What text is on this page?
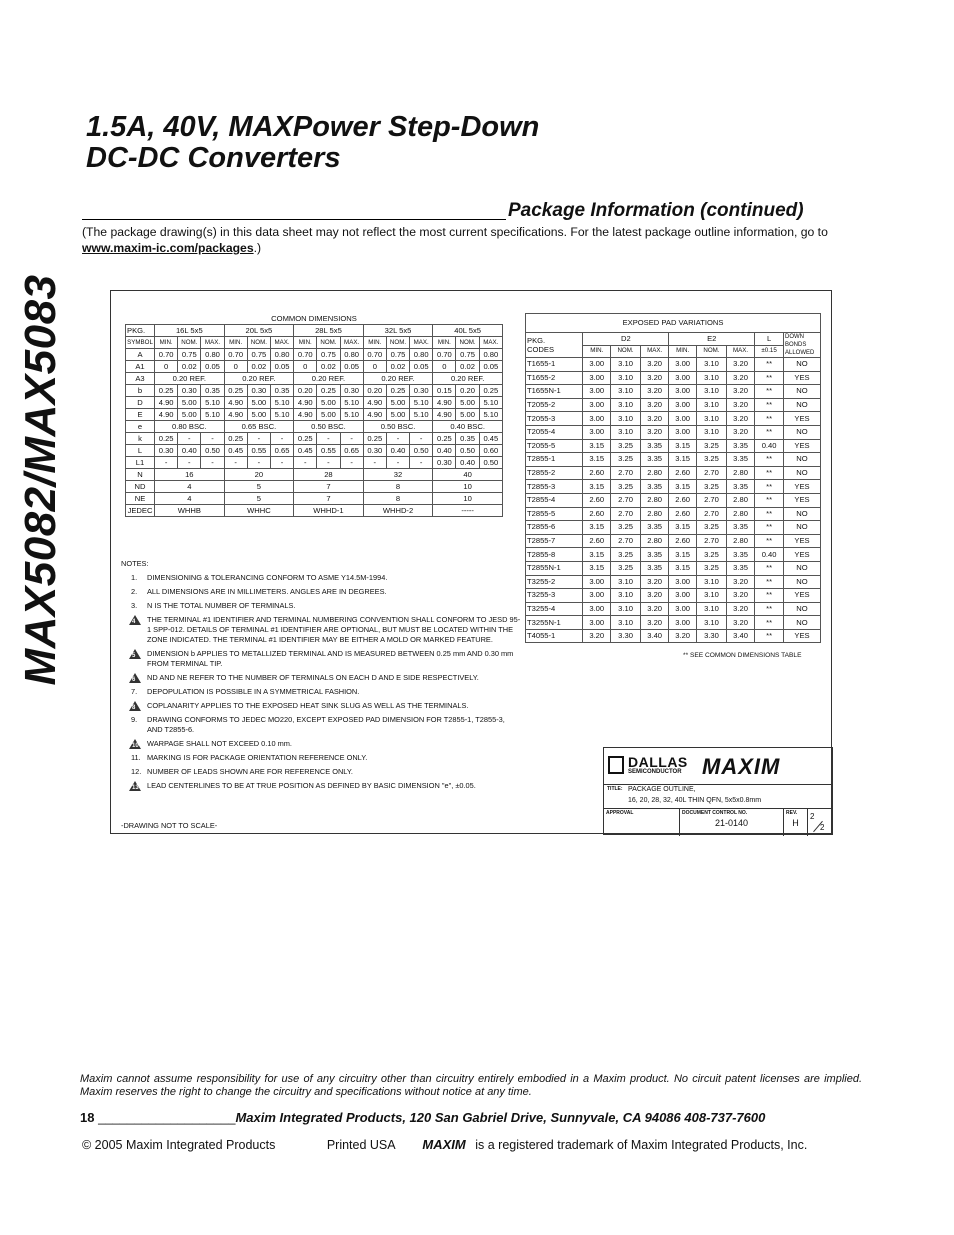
MAX5082/MAX5083
1.5A, 40V, MAXPower Step-Down
DC-DC Converters
Package Information (continued)
(The package drawing(s) in this data sheet may not reflect the most current specifications. For the latest package outline information, go to www.maxim-ic.com/packages.)
COMMON DIMENSIONS															
PKG.	16L 5x5			20L 5x5			28L 5x5			32L 5x5			40L 5x5		
SYMBOL	MIN.	NOM.	MAX.	MIN.	NOM.	MAX.	MIN.	NOM.	MAX.	MIN.	NOM.	MAX.	MIN.	NOM.	MAX.
A	0.70	0.75	0.80	0.70	0.75	0.80	0.70	0.75	0.80	0.70	0.75	0.80	0.70	0.75	0.80
A1	0	0.02	0.05	0	0.02	0.05	0	0.02	0.05	0	0.02	0.05	0	0.02	0.05
A3	0.20 REF.			0.20 REF.			0.20 REF.			0.20 REF.			0.20 REF.		
b	0.25	0.30	0.35	0.25	0.30	0.35	0.20	0.25	0.30	0.20	0.25	0.30	0.15	0.20	0.25
D	4.90	5.00	5.10	4.90	5.00	5.10	4.90	5.00	5.10	4.90	5.00	5.10	4.90	5.00	5.10
E	4.90	5.00	5.10	4.90	5.00	5.10	4.90	5.00	5.10	4.90	5.00	5.10	4.90	5.00	5.10
e	0.80 BSC.			0.65 BSC.			0.50 BSC.			0.50 BSC.			0.40 BSC.		
k	0.25	-	-	0.25	-	-	0.25	-	-	0.25	-	-	0.25	0.35	0.45
L	0.30	0.40	0.50	0.45	0.55	0.65	0.45	0.55	0.65	0.30	0.40	0.50	0.40	0.50	0.60
L1	-	-	-	-	-	-	-	-	-	-	-	-	0.30	0.40	0.50
N	16			20			28			32			40		
ND	4			5			7			8			10		
NE	4			5			7			8			10		
JEDEC	WHHB			WHHC			WHHD-1			WHHD-2			-----		
EXPOSED PAD VARIATIONS								
PKG.
CODES	D2			E2			L	DOWN BONDS ALLOWED
	MIN.	NOM.	MAX.	MIN.	NOM.	MAX.	±0.15	
T1655-1	3.00	3.10	3.20	3.00	3.10	3.20	**	NO
T1655-2	3.00	3.10	3.20	3.00	3.10	3.20	**	YES
T1655N-1	3.00	3.10	3.20	3.00	3.10	3.20	**	NO
T2055-2	3.00	3.10	3.20	3.00	3.10	3.20	**	NO
T2055-3	3.00	3.10	3.20	3.00	3.10	3.20	**	YES
T2055-4	3.00	3.10	3.20	3.00	3.10	3.20	**	NO
T2055-5	3.15	3.25	3.35	3.15	3.25	3.35	0.40	YES
T2855-1	3.15	3.25	3.35	3.15	3.25	3.35	**	NO
T2855-2	2.60	2.70	2.80	2.60	2.70	2.80	**	NO
T2855-3	3.15	3.25	3.35	3.15	3.25	3.35	**	YES
T2855-4	2.60	2.70	2.80	2.60	2.70	2.80	**	YES
T2855-5	2.60	2.70	2.80	2.60	2.70	2.80	**	NO
T2855-6	3.15	3.25	3.35	3.15	3.25	3.35	**	NO
T2855-7	2.60	2.70	2.80	2.60	2.70	2.80	**	YES
T2855-8	3.15	3.25	3.35	3.15	3.25	3.35	0.40	YES
T2855N-1	3.15	3.25	3.35	3.15	3.25	3.35	**	NO
T3255-2	3.00	3.10	3.20	3.00	3.10	3.20	**	NO
T3255-3	3.00	3.10	3.20	3.00	3.10	3.20	**	YES
T3255-4	3.00	3.10	3.20	3.00	3.10	3.20	**	NO
T3255N-1	3.00	3.10	3.20	3.00	3.10	3.20	**	NO
T4055-1	3.20	3.30	3.40	3.20	3.30	3.40	**	YES
** SEE COMMON DIMENSIONS TABLE
NOTES:
1. DIMENSIONING & TOLERANCING CONFORM TO ASME Y14.5M-1994.
2. ALL DIMENSIONS ARE IN MILLIMETERS. ANGLES ARE IN DEGREES.
3. N IS THE TOTAL NUMBER OF TERMINALS.
4 THE TERMINAL #1 IDENTIFIER AND TERMINAL NUMBERING CONVENTION SHALL CONFORM TO JESD 95-1 SPP-012. DETAILS OF TERMINAL #1 IDENTIFIER ARE OPTIONAL, BUT MUST BE LOCATED WITHIN THE ZONE INDICATED. THE TERMINAL #1 IDENTIFIER MAY BE EITHER A MOLD OR MARKED FEATURE.
5 DIMENSION b APPLIES TO METALLIZED TERMINAL AND IS MEASURED BETWEEN 0.25 mm AND 0.30 mm FROM TERMINAL TIP.
6 ND AND NE REFER TO THE NUMBER OF TERMINALS ON EACH D AND E SIDE RESPECTIVELY.
7. DEPOPULATION IS POSSIBLE IN A SYMMETRICAL FASHION.
8 COPLANARITY APPLIES TO THE EXPOSED HEAT SINK SLUG AS WELL AS THE TERMINALS.
9. DRAWING CONFORMS TO JEDEC MO220, EXCEPT EXPOSED PAD DIMENSION FOR T2855-1, T2855-3, AND T2855-6.
10 WARPAGE SHALL NOT EXCEED 0.10 mm.
11. MARKING IS FOR PACKAGE ORIENTATION REFERENCE ONLY.
12. NUMBER OF LEADS SHOWN ARE FOR REFERENCE ONLY.
13 LEAD CENTERLINES TO BE AT TRUE POSITION AS DEFINED BY BASIC DIMENSION "e", ±0.05.
-DRAWING NOT TO SCALE-
DALLAS
SEMICONDUCTOR MAXIM
TITLE: PACKAGE OUTLINE,
16, 20, 28, 32, 40L THIN QFN, 5x5x0.8mm
APPROVAL	DOCUMENT CONTROL NO.
21-0140
REV.
H
2
2
Maxim cannot assume responsibility for use of any circuitry other than circuitry entirely embodied in a Maxim product. No circuit patent licenses are implied. Maxim reserves the right to change the circuitry and specifications without notice at any time.
18 ___________________Maxim Integrated Products, 120 San Gabriel Drive, Sunnyvale, CA 94086 408-737-7600
© 2005 Maxim Integrated Products	Printed USA MAXIM is a registered trademark of Maxim Integrated Products, Inc.
